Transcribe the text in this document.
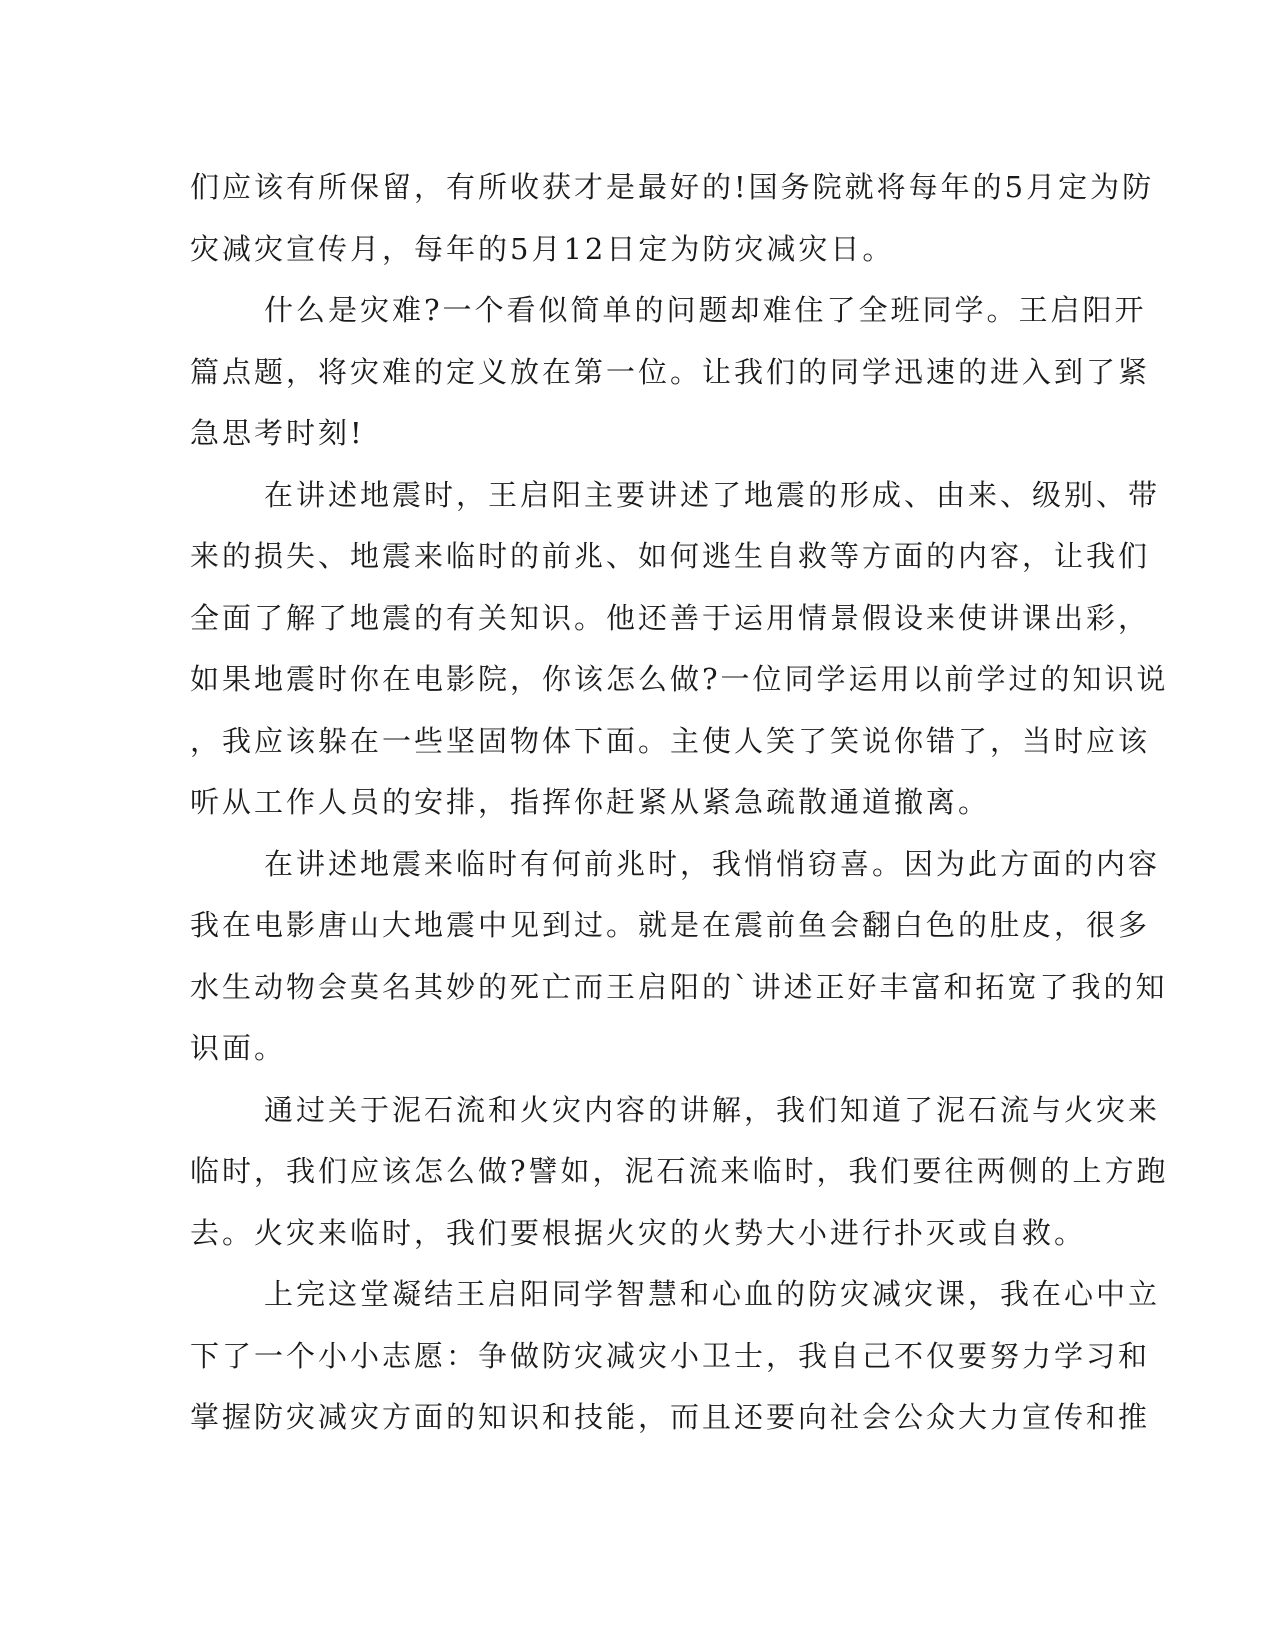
们应该有所保留，有所收获才是最好的!国务院就将每年的5月定为防
灾减灾宣传月，每年的5月12日定为防灾减灾日。
什么是灾难?一个看似简单的问题却难住了全班同学。王启阳开
篇点题，将灾难的定义放在第一位。让我们的同学迅速的进入到了紧
急思考时刻!
在讲述地震时，王启阳主要讲述了地震的形成、由来、级别、带
来的损失、地震来临时的前兆、如何逃生自救等方面的内容，让我们
全面了解了地震的有关知识。他还善于运用情景假设来使讲课出彩，
如果地震时你在电影院，你该怎么做?一位同学运用以前学过的知识说
，我应该躲在一些坚固物体下面。主使人笑了笑说你错了，当时应该
听从工作人员的安排，指挥你赶紧从紧急疏散通道撤离。
在讲述地震来临时有何前兆时，我悄悄窃喜。因为此方面的内容
我在电影唐山大地震中见到过。就是在震前鱼会翻白色的肚皮，很多
水生动物会莫名其妙的死亡而王启阳的`讲述正好丰富和拓宽了我的知
识面。
通过关于泥石流和火灾内容的讲解，我们知道了泥石流与火灾来
临时，我们应该怎么做?譬如，泥石流来临时，我们要往两侧的上方跑
去。火灾来临时，我们要根据火灾的火势大小进行扑灭或自救。
上完这堂凝结王启阳同学智慧和心血的防灾减灾课，我在心中立
下了一个小小志愿：争做防灾减灾小卫士，我自己不仅要努力学习和
掌握防灾减灾方面的知识和技能，而且还要向社会公众大力宣传和推
